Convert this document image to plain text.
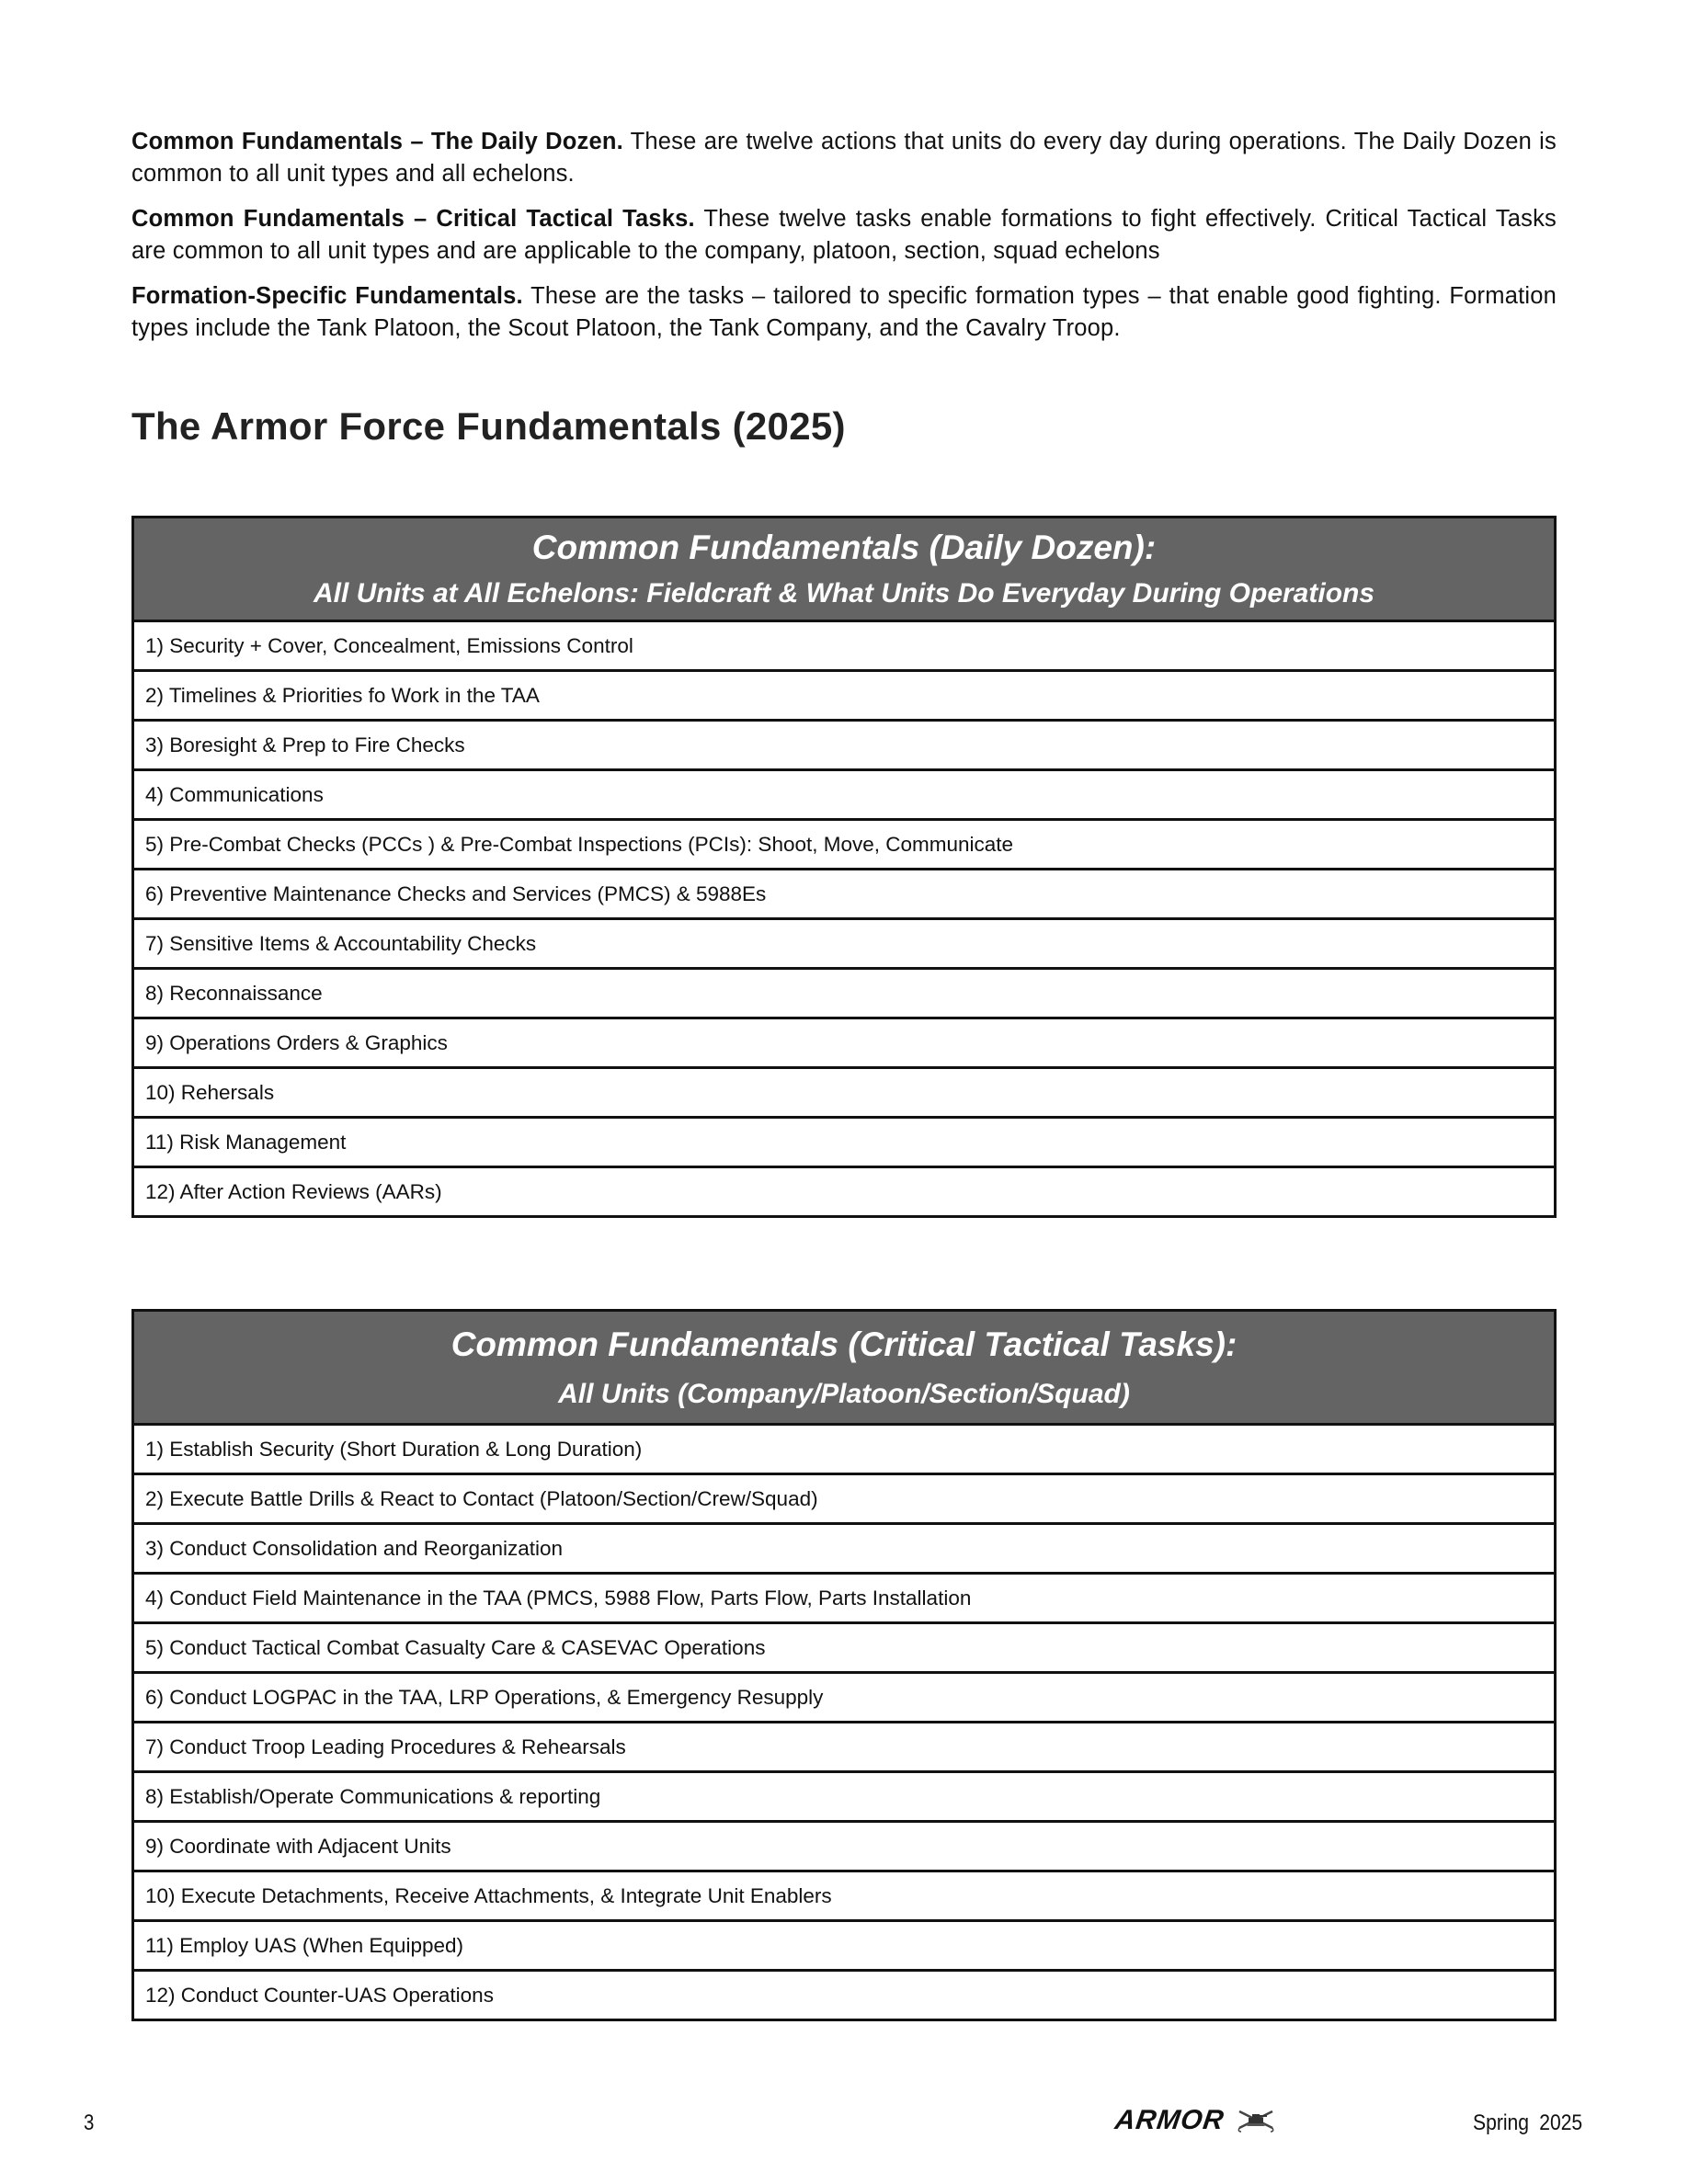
Common Fundamentals – The Daily Dozen. These are twelve actions that units do every day during operations. The Daily Dozen is common to all unit types and all echelons.

Common Fundamentals – Critical Tactical Tasks. These twelve tasks enable formations to fight effectively. Critical Tactical Tasks are common to all unit types and are applicable to the company, platoon, section, squad echelons

Formation-Specific Fundamentals. These are the tasks – tailored to specific formation types – that enable good fighting. Formation types include the Tank Platoon, the Scout Platoon, the Tank Company, and the Cavalry Troop.

The Armor Force Fundamentals (2025)
Common Fundamentals (Daily Dozen):
All Units at All Echelons: Fieldcraft & What Units Do Everyday During Operations
1) Security + Cover, Concealment, Emissions Control
2) Timelines & Priorities fo Work in the TAA
3) Boresight & Prep to Fire Checks
4) Communications
5) Pre-Combat Checks (PCCs ) & Pre-Combat Inspections (PCIs): Shoot, Move, Communicate
6) Preventive Maintenance Checks and Services (PMCS) & 5988Es
7) Sensitive Items & Accountability Checks
8) Reconnaissance
9) Operations Orders & Graphics
10) Rehersals
11) Risk Management
12) After Action Reviews (AARs)
Common Fundamentals (Critical Tactical Tasks):
All Units (Company/Platoon/Section/Squad)
1) Establish Security (Short Duration & Long Duration)
2) Execute Battle Drills & React to Contact (Platoon/Section/Crew/Squad)
3) Conduct Consolidation and Reorganization
4) Conduct Field Maintenance in the TAA (PMCS, 5988 Flow, Parts Flow, Parts Installation
5) Conduct Tactical Combat Casualty Care & CASEVAC Operations
6) Conduct LOGPAC in the TAA, LRP Operations, & Emergency Resupply
7) Conduct Troop Leading Procedures & Rehearsals
8) Establish/Operate Communications & reporting
9) Coordinate with Adjacent Units
10) Execute Detachments, Receive Attachments, & Integrate Unit Enablers
11) Employ UAS (When Equipped)
12) Conduct Counter-UAS Operations
3	ARMOR	Spring 2025
